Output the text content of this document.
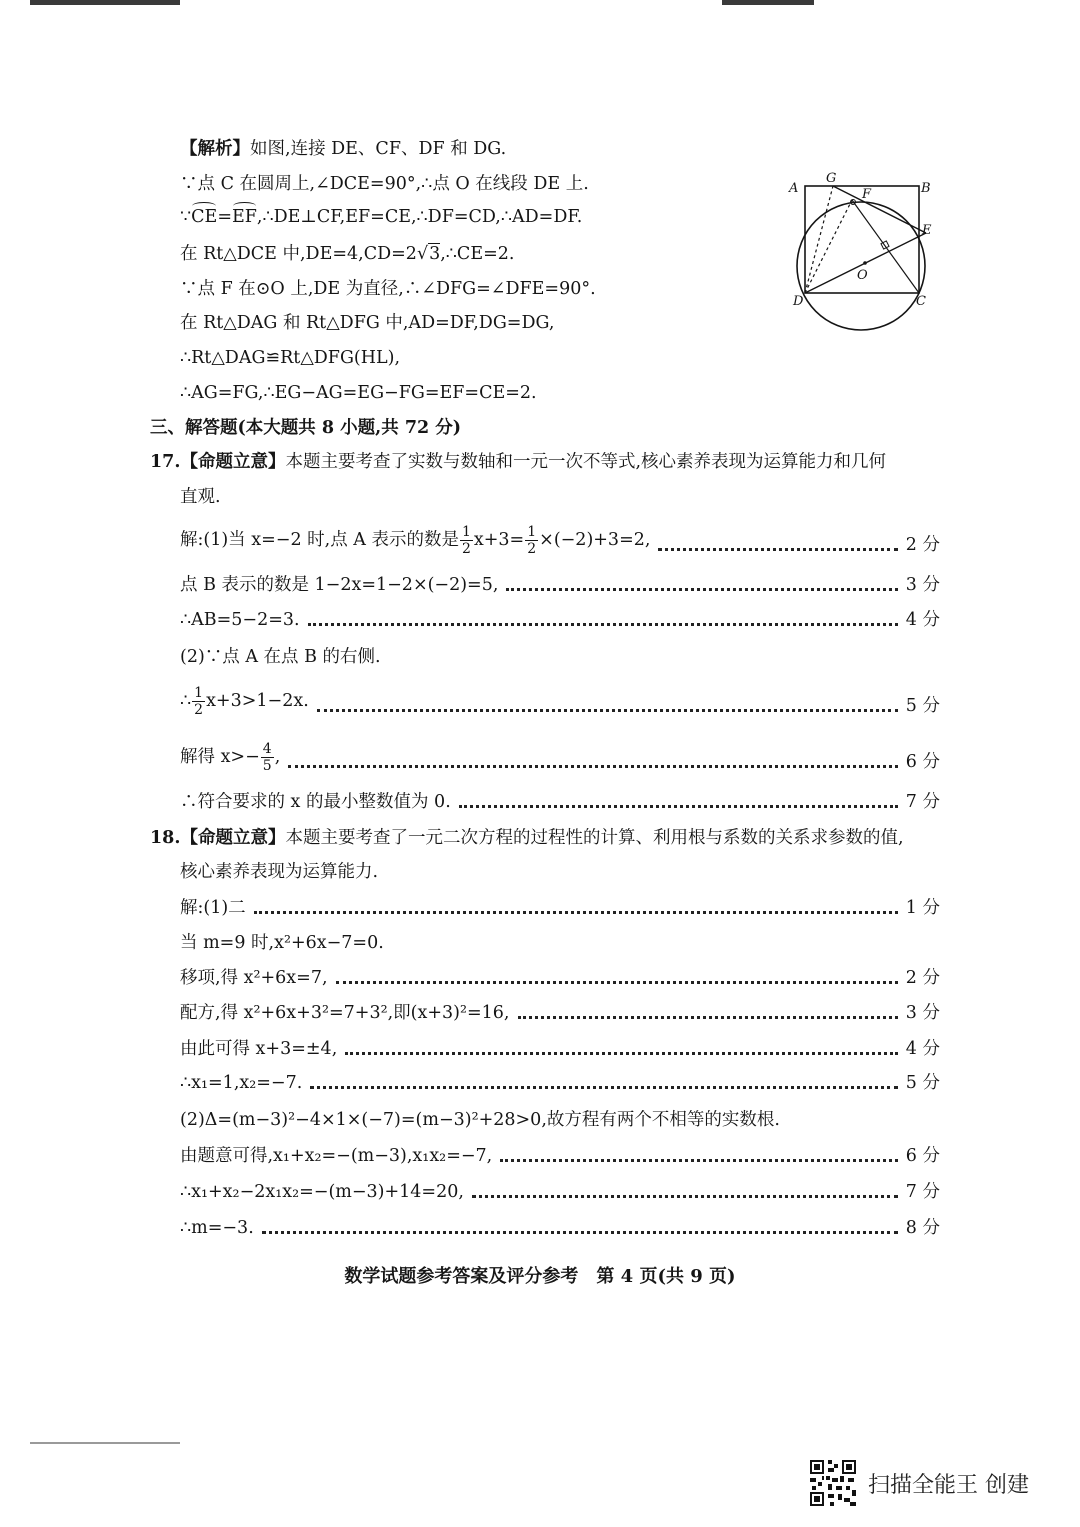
【解析】如图,连接 DE、CF、DF 和 DG.
∵点 C 在圆周上,∠DCE=90°,∴点 O 在线段 DE 上.
∵
CE=
EF,∴DE⊥CF,EF=CE,∴DF=CD,∴AD=DF.
在 Rt△DCE 中,DE=4,CD=2√3,∴CE=2.
∵点 F 在⊙O 上,DE 为直径,∴∠DFG=∠DFE=90°.
在 Rt△DAG 和 Rt△DFG 中,AD=DF,DG=DG,
∴Rt△DAG≌Rt△DFG(HL),
∴AG=FG,∴EG−AG=EG−FG=EF=CE=2.
A
G
F	B
E
O
D	C
三、解答题(本大题共 8 小题,共 72 分)
17.【命题立意】本题主要考查了实数与数轴和一元一次不等式,核心素养表现为运算能力和几何
直观.
解:(1)当 x=−2 时,点 A 表示的数是 $\frac{1}{2} x+3= \frac{1}{2} \times(-2)+3=2$,	2 分
点 B 表示的数是 1−2x=1−2×(−2)=5,	3 分
∴AB=5−2=3.	4 分
(2)∵点 A 在点 B 的右侧.
∴ $\frac{1}{2} x+3>1-2x$.	5 分
解得 $x>- \frac{4}{5}$ ,	6 分
∴符合要求的 x 的最小整数值为 0.	7 分
18.【命题立意】本题主要考查了一元二次方程的过程性的计算、利用根与系数的关系求参数的值,
核心素养表现为运算能力.
解:(1)二	1 分
当 m=9 时,x²+6x−7=0.
移项,得 x²+6x=7,	2 分
配方,得 x²+6x+3²=7+3²,即(x+3)²=16,	3 分
由此可得 x+3=±4,	4 分
∴x₁=1,x₂=−7.	5 分
(2)Δ=(m−3)²−4×1×(−7)=(m−3)²+28>0,故方程有两个不相等的实数根.
由题意可得,x₁+x₂=−(m−3),x₁x₂=−7,	6 分
∴x₁+x₂−2x₁x₂=−(m−3)+14=20,	7 分
∴m=−3.	8 分
数学试题参考答案及评分参考　第 4 页(共 9 页)
扫描全能王 创建
